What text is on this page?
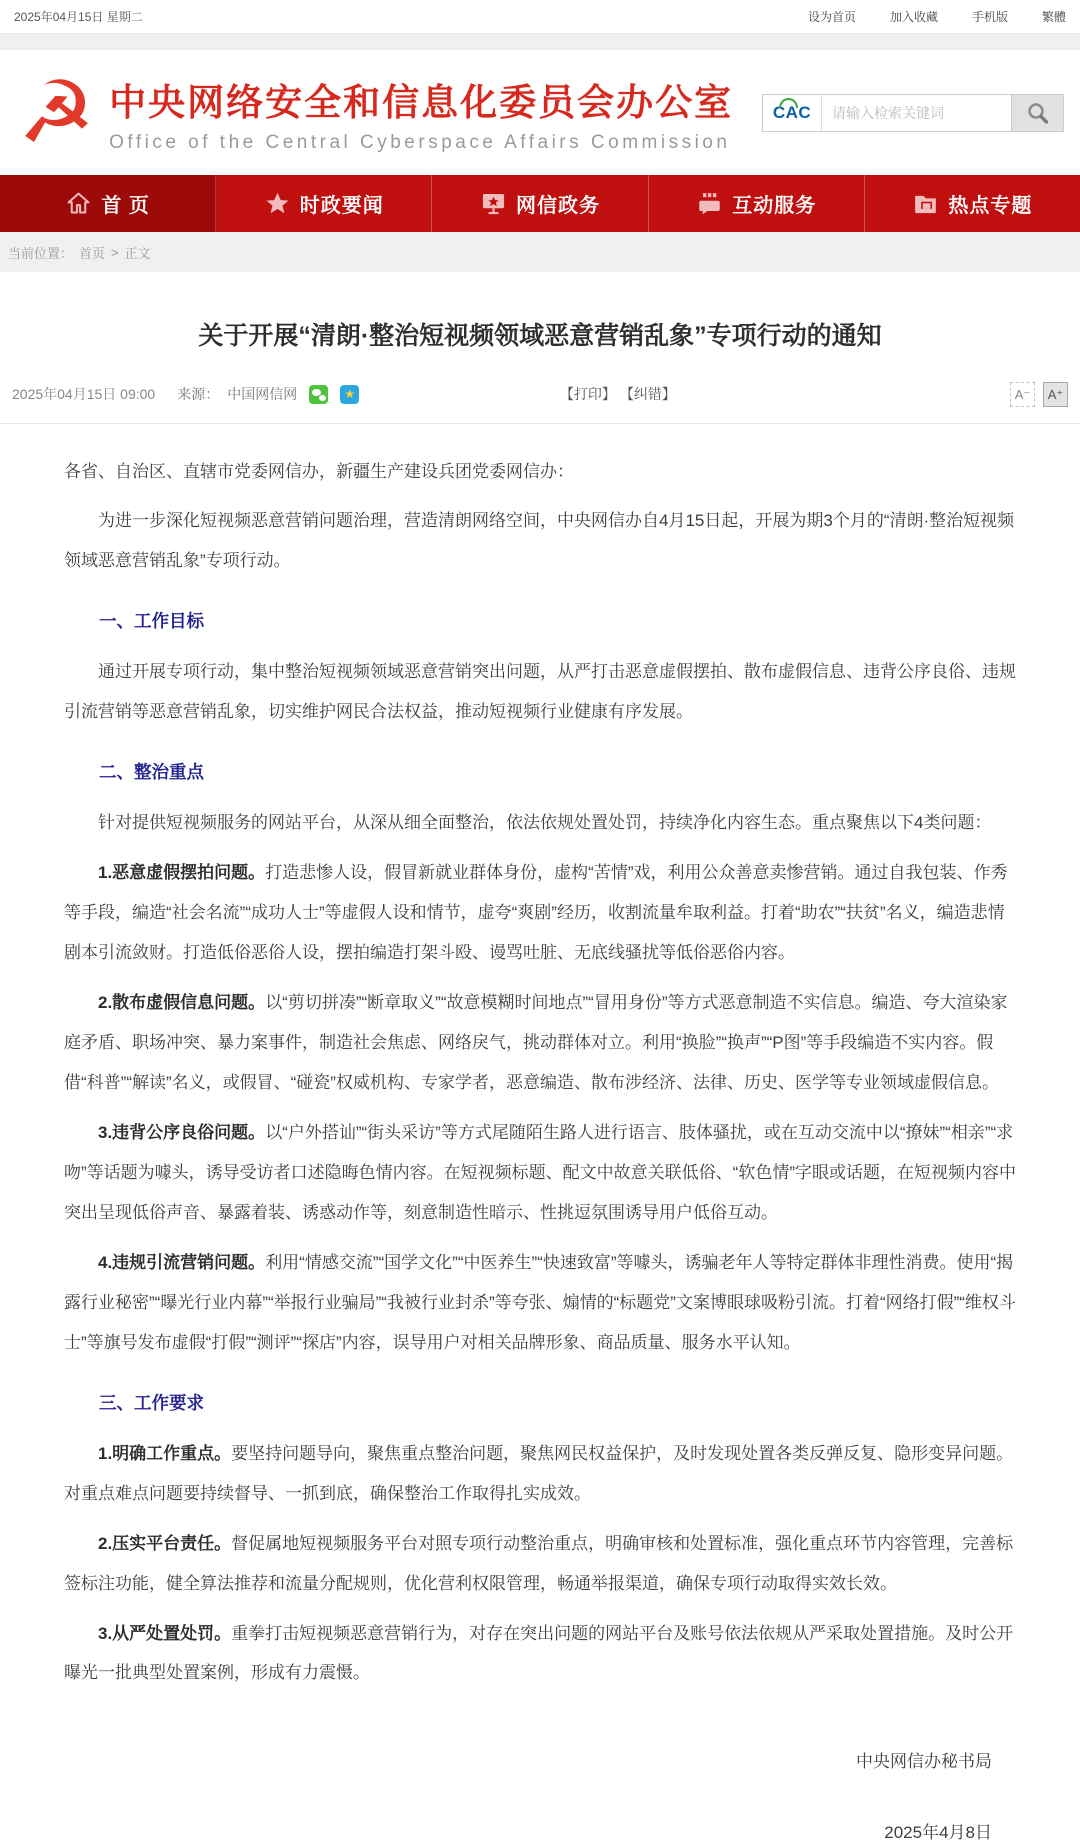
2025年04月15日 星期二	设为首页	加入收藏	手机版	繁體
☭ 中央网络安全和信息化委员会办公室
Office of the Central Cyberspace Affairs Commission
CAC
请输入检索关键词
首 页	时政要闻	网信政务	互动服务	热点专题
当前位置： 首页 > 正文
关于开展“清朗·整治短视频领域恶意营销乱象”专项行动的通知
2025年04月15日 09:00 来源： 中国网信网	★	【打印】 【纠错】	A⁻	A⁺

各省、自治区、直辖市党委网信办，新疆生产建设兵团党委网信办：

为进一步深化短视频恶意营销问题治理，营造清朗网络空间，中央网信办自4月15日起，开展为期3个月的“清朗·整治短视频领域恶意营销乱象”专项行动。

一、工作目标

通过开展专项行动，集中整治短视频领域恶意营销突出问题，从严打击恶意虚假摆拍、散布虚假信息、违背公序良俗、违规引流营销等恶意营销乱象，切实维护网民合法权益，推动短视频行业健康有序发展。

二、整治重点

针对提供短视频服务的网站平台，从深从细全面整治，依法依规处置处罚，持续净化内容生态。重点聚焦以下4类问题：

1.恶意虚假摆拍问题。打造悲惨人设，假冒新就业群体身份，虚构“苦情”戏，利用公众善意卖惨营销。通过自我包装、作秀等手段，编造“社会名流”“成功人士”等虚假人设和情节，虚夸“爽剧”经历，收割流量牟取利益。打着“助农”“扶贫”名义，编造悲情剧本引流敛财。打造低俗恶俗人设，摆拍编造打架斗殴、谩骂吐脏、无底线骚扰等低俗恶俗内容。

2.散布虚假信息问题。以“剪切拼凑”“断章取义”“故意模糊时间地点”“冒用身份”等方式恶意制造不实信息。编造、夸大渲染家庭矛盾、职场冲突、暴力案事件，制造社会焦虑、网络戾气，挑动群体对立。利用“换脸”“换声”“P图”等手段编造不实内容。假借“科普”“解读”名义，或假冒、“碰瓷”权威机构、专家学者，恶意编造、散布涉经济、法律、历史、医学等专业领域虚假信息。

3.违背公序良俗问题。以“户外搭讪”“街头采访”等方式尾随陌生路人进行语言、肢体骚扰，或在互动交流中以“撩妹”“相亲”“求吻”等话题为噱头，诱导受访者口述隐晦色情内容。在短视频标题、配文中故意关联低俗、“软色情”字眼或话题，在短视频内容中突出呈现低俗声音、暴露着装、诱惑动作等，刻意制造性暗示、性挑逗氛围诱导用户低俗互动。

4.违规引流营销问题。利用“情感交流”“国学文化”“中医养生”“快速致富”等噱头，诱骗老年人等特定群体非理性消费。使用“揭露行业秘密”“曝光行业内幕”“举报行业骗局”“我被行业封杀”等夸张、煽情的“标题党”文案博眼球吸粉引流。打着“网络打假”“维权斗士”等旗号发布虚假“打假”“测评”“探店”内容，误导用户对相关品牌形象、商品质量、服务水平认知。

三、工作要求

1.明确工作重点。要坚持问题导向，聚焦重点整治问题，聚焦网民权益保护，及时发现处置各类反弹反复、隐形变异问题。对重点难点问题要持续督导、一抓到底，确保整治工作取得扎实成效。

2.压实平台责任。督促属地短视频服务平台对照专项行动整治重点，明确审核和处置标准，强化重点环节内容管理，完善标签标注功能，健全算法推荐和流量分配规则，优化营利权限管理，畅通举报渠道，确保专项行动取得实效长效。

3.从严处置处罚。重拳打击短视频恶意营销行为，对存在突出问题的网站平台及账号依法依规从严采取处置措施。及时公开曝光一批典型处置案例，形成有力震慑。

中央网信办秘书局
2025年4月8日
